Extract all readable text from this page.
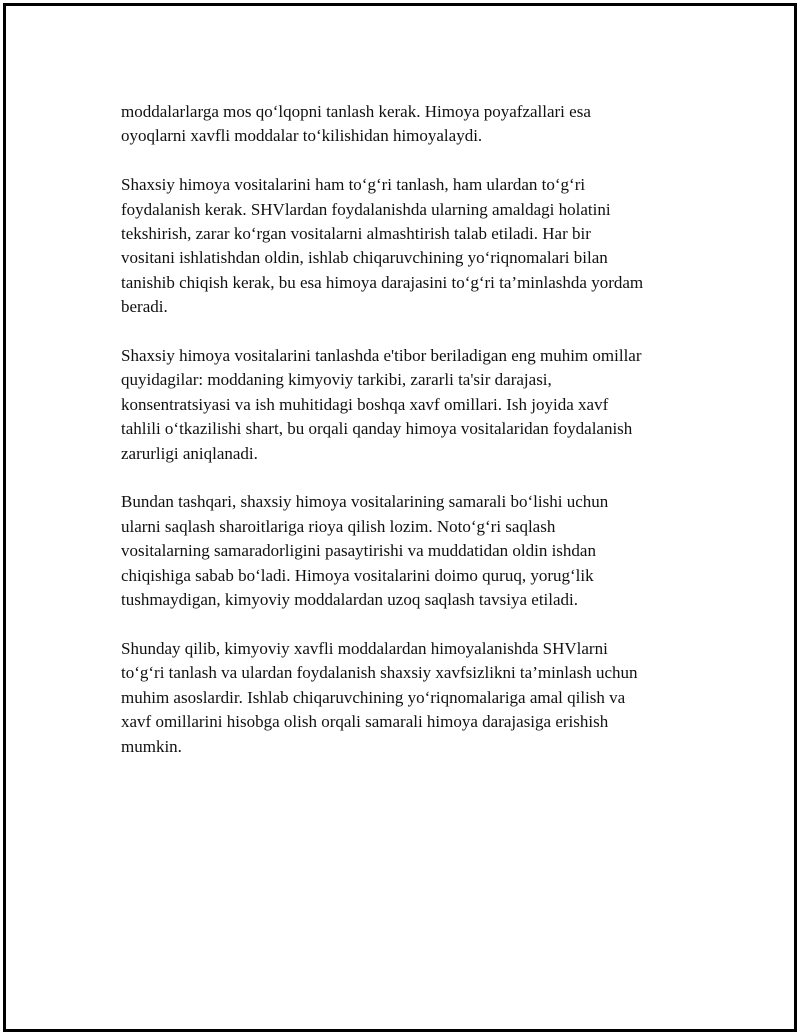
moddalarlarga mos qo‘lqopni tanlash kerak. Himoya poyafzallari esa
oyoqlarni xavfli moddalar to‘kilishidan himoyalaydi.

Shaxsiy himoya vositalarini ham to‘g‘ri tanlash, ham ulardan to‘g‘ri
foydalanish kerak. SHVlardan foydalanishda ularning amaldagi holatini
tekshirish, zarar ko‘rgan vositalarni almashtirish talab etiladi. Har bir
vositani ishlatishdan oldin, ishlab chiqaruvchining yo‘riqnomalari bilan
tanishib chiqish kerak, bu esa himoya darajasini to‘g‘ri ta’minlashda yordam
beradi.

Shaxsiy himoya vositalarini tanlashda e'tibor beriladigan eng muhim omillar
quyidagilar: moddaning kimyoviy tarkibi, zararli ta'sir darajasi,
konsentratsiyasi va ish muhitidagi boshqa xavf omillari. Ish joyida xavf
tahlili o‘tkazilishi shart, bu orqali qanday himoya vositalaridan foydalanish
zarurligi aniqlanadi.

Bundan tashqari, shaxsiy himoya vositalarining samarali bo‘lishi uchun
ularni saqlash sharoitlariga rioya qilish lozim. Noto‘g‘ri saqlash
vositalarning samaradorligini pasaytirishi va muddatidan oldin ishdan
chiqishiga sabab bo‘ladi. Himoya vositalarini doimo quruq, yorug‘lik
tushmaydigan, kimyoviy moddalardan uzoq saqlash tavsiya etiladi.

Shunday qilib, kimyoviy xavfli moddalardan himoyalanishda SHVlarni
to‘g‘ri tanlash va ulardan foydalanish shaxsiy xavfsizlikni ta’minlash uchun
muhim asoslardir. Ishlab chiqaruvchining yo‘riqnomalariga amal qilish va
xavf omillarini hisobga olish orqali samarali himoya darajasiga erishish
mumkin.
